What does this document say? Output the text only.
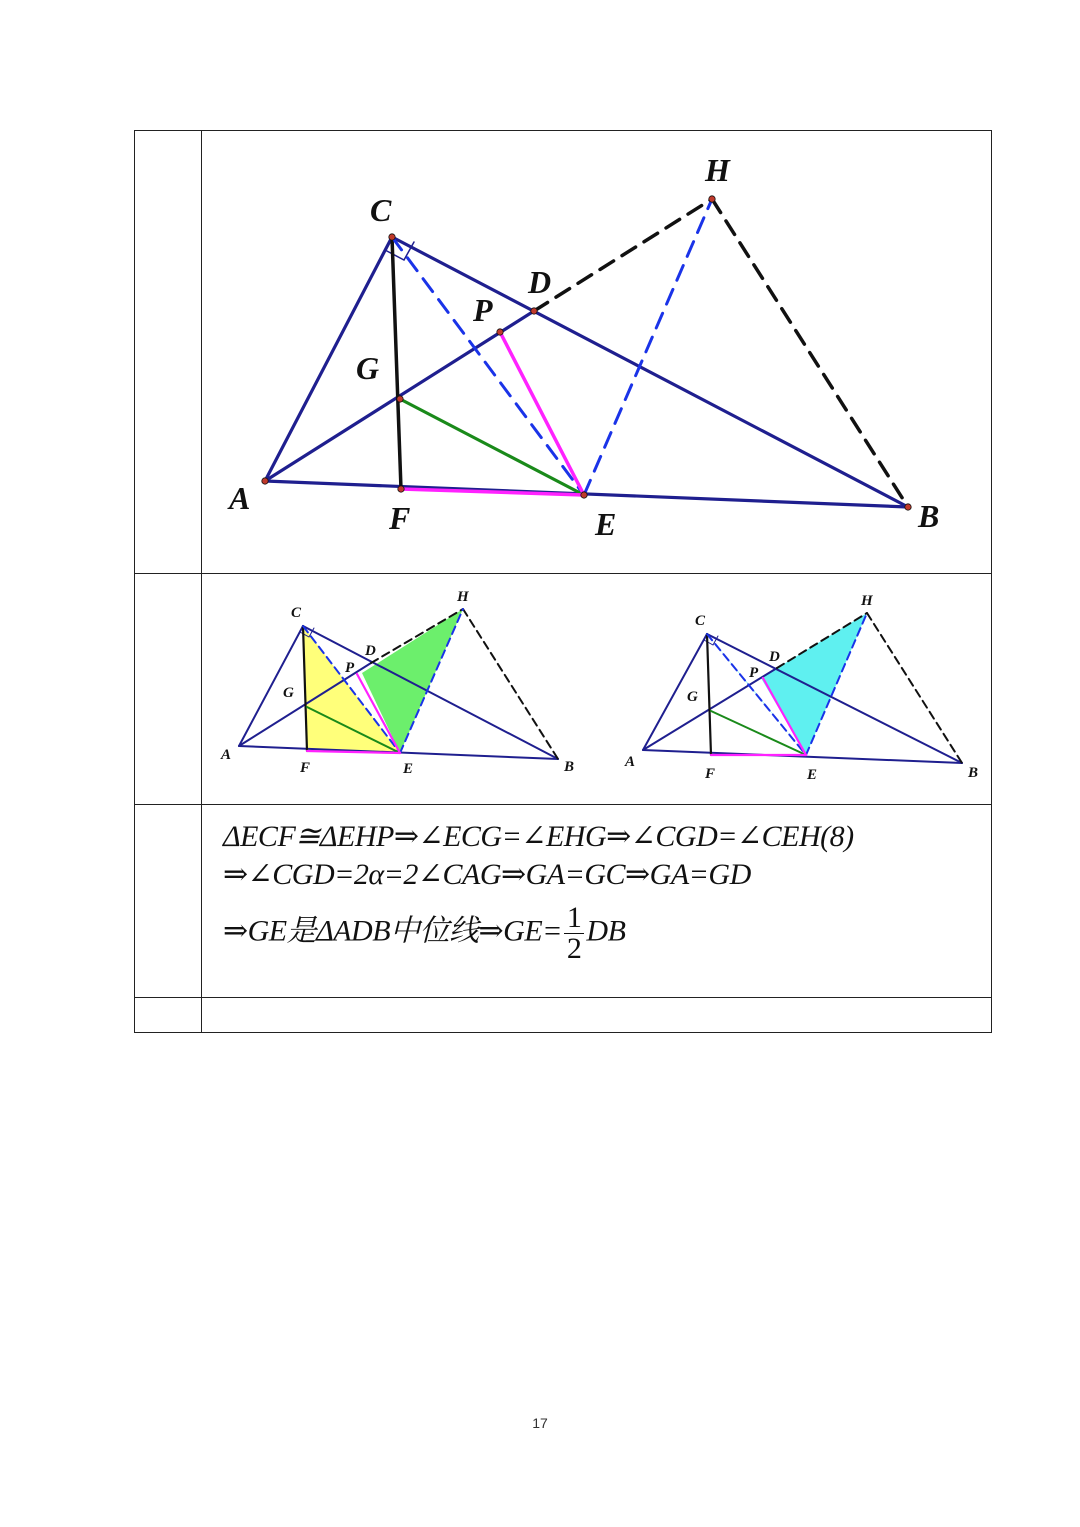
A	B
C
D
E
F
G
H
P
A
B
C
D
E
F
G
H
P
A
B
C
D
E
F
G
H
P
ΔECF≅ΔEHP⇒∠ECG=∠EHG⇒∠CGD=∠CEH(8)
⇒∠CGD=2α=2∠CAG⇒GA=GC⇒GA=GD
⇒GE是ΔADB中位线⇒GE= $\frac{1}{2}$ DB
17
